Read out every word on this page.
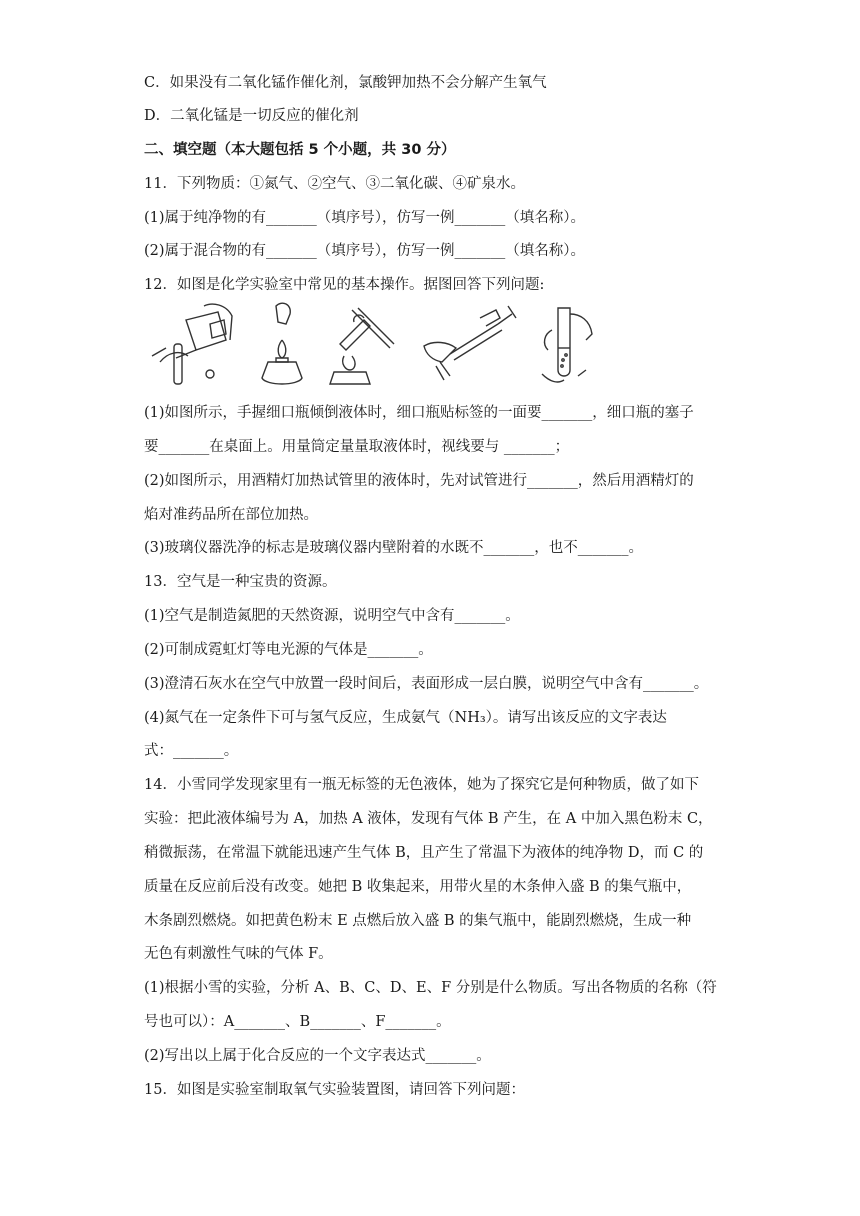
C．如果没有二氧化锰作催化剂，氯酸钾加热不会分解产生氧气
D．二氧化锰是一切反应的催化剂
二、填空题（本大题包括 5 个小题，共 30 分）
11．下列物质：①氮气、②空气、③二氧化碳、④矿泉水。
(1)属于纯净物的有_______（填序号），仿写一例_______（填名称）。
(2)属于混合物的有_______（填序号），仿写一例_______（填名称）。
12．如图是化学实验室中常见的基本操作。据图回答下列问题:
(1)如图所示，手握细口瓶倾倒液体时，细口瓶贴标签的一面要_______，细口瓶的塞子
要_______在桌面上。用量筒定量量取液体时，视线要与 _______；
(2)如图所示，用酒精灯加热试管里的液体时，先对试管进行_______，然后用酒精灯的
焰对准药品所在部位加热。
(3)玻璃仪器洗净的标志是玻璃仪器内壁附着的水既不_______，也不_______。
13．空气是一种宝贵的资源。
(1)空气是制造氮肥的天然资源，说明空气中含有_______。
(2)可制成霓虹灯等电光源的气体是_______。
(3)澄清石灰水在空气中放置一段时间后，表面形成一层白膜，说明空气中含有_______。
(4)氮气在一定条件下可与氢气反应，生成氨气（NH₃）。请写出该反应的文字表达
式：_______。
14．小雪同学发现家里有一瓶无标签的无色液体，她为了探究它是何种物质，做了如下
实验：把此液体编号为 A，加热 A 液体，发现有气体 B 产生，在 A 中加入黑色粉末 C，
稍微振荡，在常温下就能迅速产生气体 B，且产生了常温下为液体的纯净物 D，而 C 的
质量在反应前后没有改变。她把 B 收集起来，用带火星的木条伸入盛 B 的集气瓶中，
木条剧烈燃烧。如把黄色粉末 E 点燃后放入盛 B 的集气瓶中，能剧烈燃烧，生成一种
无色有刺激性气味的气体 F。
(1)根据小雪的实验，分析 A、B、C、D、E、F 分别是什么物质。写出各物质的名称（符
号也可以）：A_______、B_______、F_______。
(2)写出以上属于化合反应的一个文字表达式_______。
15．如图是实验室制取氧气实验装置图，请回答下列问题：
